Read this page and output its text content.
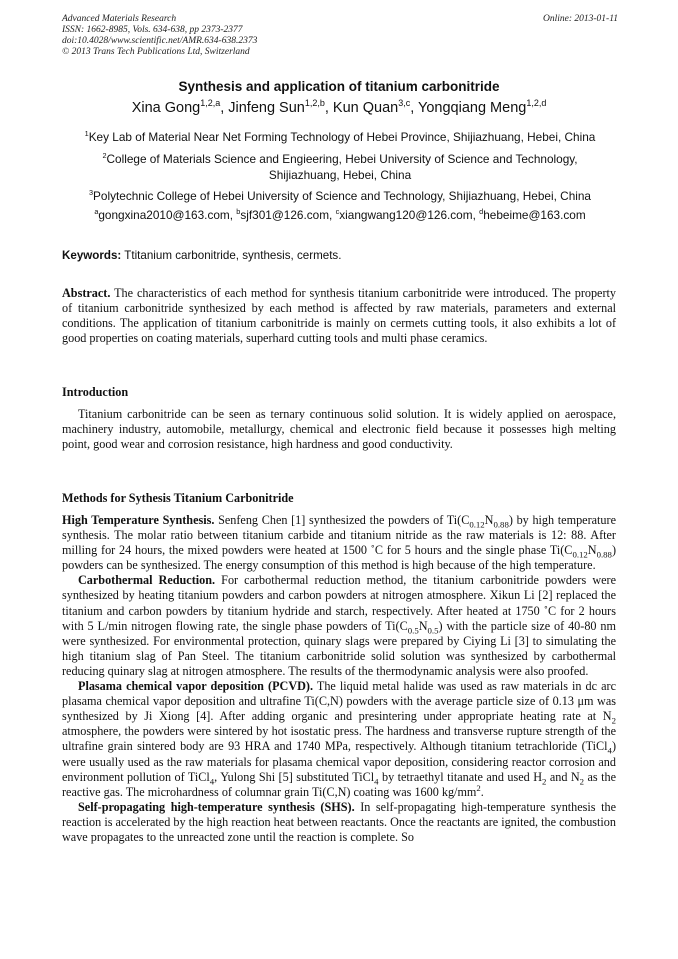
Advanced Materials Research
ISSN: 1662-8985, Vols. 634-638, pp 2373-2377
doi:10.4028/www.scientific.net/AMR.634-638.2373
© 2013 Trans Tech Publications Ltd, Switzerland
Online: 2013-01-11
Synthesis and application of titanium carbonitride
Xina Gong$^{1,2,a}$, Jinfeng Sun$^{1,2,b}$, Kun Quan$^{3,c}$, Yongqiang Meng$^{1,2,d}$
$^1$Key Lab of Material Near Net Forming Technology of Hebei Province, Shijiazhuang, Hebei, China
$^2$College of Materials Science and Engieering, Hebei University of Science and Technology, Shijiazhuang, Hebei, China
$^3$Polytechnic College of Hebei University of Science and Technology, Shijiazhuang, Hebei, China
$^a$gongxina2010@163.com, $^b$sjf301@126.com, $^c$xiangwang120@126.com, $^d$hebeime@163.com
Keywords: Ttitanium carbonitride, synthesis, cermets.

Abstract. The characteristics of each method for synthesis titanium carbonitride were introduced. The property of titanium carbonitride synthesized by each method is affected by raw materials, parameters and external conditions. The application of titanium carbonitride is mainly on cermets cutting tools, it also exhibits a lot of good properties on coating materials, superhard cutting tools and multi phase ceramics.

Introduction

Titanium carbonitride can be seen as ternary continuous solid solution. It is widely applied on aerospace, machinery industry, automobile, metallurgy, chemical and electronic field because it possesses high melting point, good wear and corrosion resistance, high hardness and good conductivity.

Methods for Sythesis Titanium Carbonitride

High Temperature Synthesis. Senfeng Chen [1] synthesized the powders of $Ti(C_{0.12}N_{0.88})$ by high temperature synthesis. The molar ratio between titanium carbide and titanium nitride as the raw materials is 12: 88. After milling for 24 hours, the mixed powders were heated at 1500 ˚C for 5 hours and the single phase $Ti(C_{0.12}N_{0.88})$ powders can be synthesized. The energy consumption of this method is high because of the high temperature.

Carbothermal Reduction. For carbothermal reduction method, the titanium carbonitride powders were synthesized by heating titanium powders and carbon powders at nitrogen atmosphere. Xikun Li [2] replaced the titanium and carbon powders by titanium hydride and starch, respectively. After heated at 1750 ˚C for 2 hours with 5 L/min nitrogen flowing rate, the single phase powders of $Ti(C_{0.5}N_{0.5})$ with the particle size of 40-80 nm were synthesized. For environmental protection, quinary slags were prepared by Ciying Li [3] to simulating the high titanium slag of Pan Steel. The titanium carbonitride solid solution was synthesized by carbothermal reducing quinary slag at nitrogen atmosphere. The results of the thermodynamic analysis were also proofed.

Plasama chemical vapor deposition (PCVD). The liquid metal halide was used as raw materials in dc arc plasama chemical vapor deposition and ultrafine Ti(C,N) powders with the average particle size of 0.13 μm was synthesized by Ji Xiong [4]. After adding organic and presintering under appropriate heating rate at $N_2$ atmosphere, the powders were sintered by hot isostatic press. The hardness and transverse rupture strength of the ultrafine grain sintered body are 93 HRA and 1740 MPa, respectively. Although titanium tetrachloride (TiCl$_4$) were usually used as the raw materials for plasama chemical vapor deposition, considering reactor corrosion and environment pollution of TiCl$_4$, Yulong Shi [5] substituted TiCl$_4$ by tetraethyl titanate and used $H_2$ and $N_2$ as the reactive gas. The microhardness of columnar grain Ti(C,N) coating was 1600 $kg/mm^2$.

Self-propagating high-temperature synthesis (SHS). In self-propagating high-temperature synthesis the reaction is accelerated by the high reaction heat between reactants. Once the reactants are ignited, the combustion wave propagates to the unreacted zone until the reaction is complete. So
